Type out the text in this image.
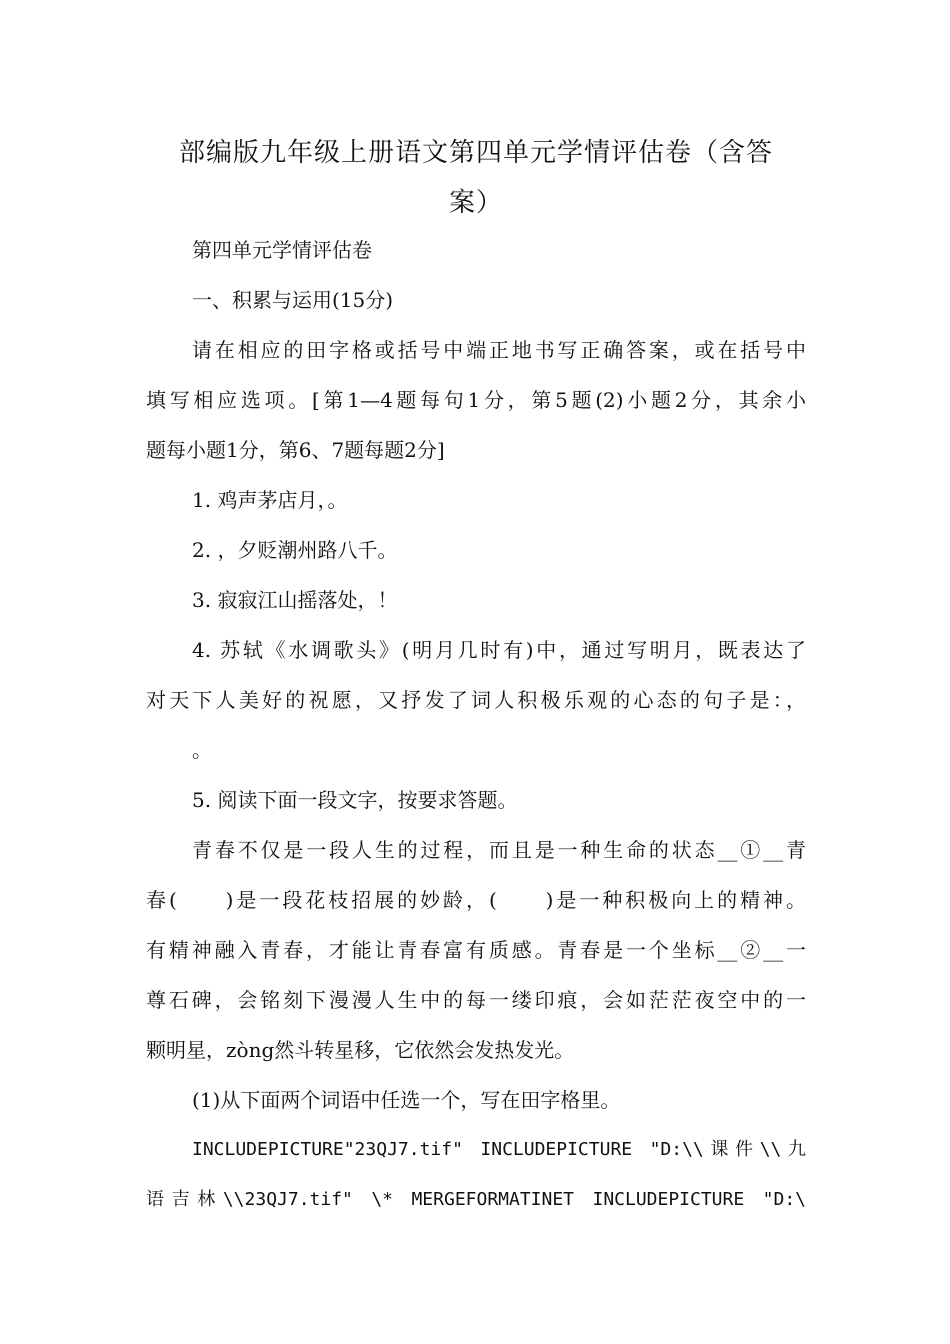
部编版九年级上册语文第四单元学情评估卷（含答
案）
第四单元学情评估卷
一、积累与运用(15分)
请在相应的田字格或括号中端正地书写正确答案，或在括号中
填写相应选项。[第1—4题每句1分，第5题(2)小题2分，其余小
题每小题1分，第6、7题每题2分]
1. 鸡声茅店月，。
2. ，夕贬潮州路八千。
3. 寂寂江山摇落处，！
4. 苏轼《水调歌头》(明月几时有)中，通过写明月，既表达了
对天下人美好的祝愿，又抒发了词人积极乐观的心态的句子是：，
。
5. 阅读下面一段文字，按要求答题。
青春不仅是一段人生的过程，而且是一种生命的状态__①__青
春(　　)是一段花枝招展的妙龄，(　　)是一种积极向上的精神。
有精神融入青春，才能让青春富有质感。青春是一个坐标__②__一
尊石碑，会铭刻下漫漫人生中的每一缕印痕，会如茫茫夜空中的一
颗明星，zòng然斗转星移，它依然会发热发光。
(1)从下面两个词语中任选一个，写在田字格里。
INCLUDEPICTURE"23QJ7.tif" INCLUDEPICTURE "D:\\课件\\九
语吉林\\23QJ7.tif" \* MERGEFORMATINET INCLUDEPICTURE "D:\
